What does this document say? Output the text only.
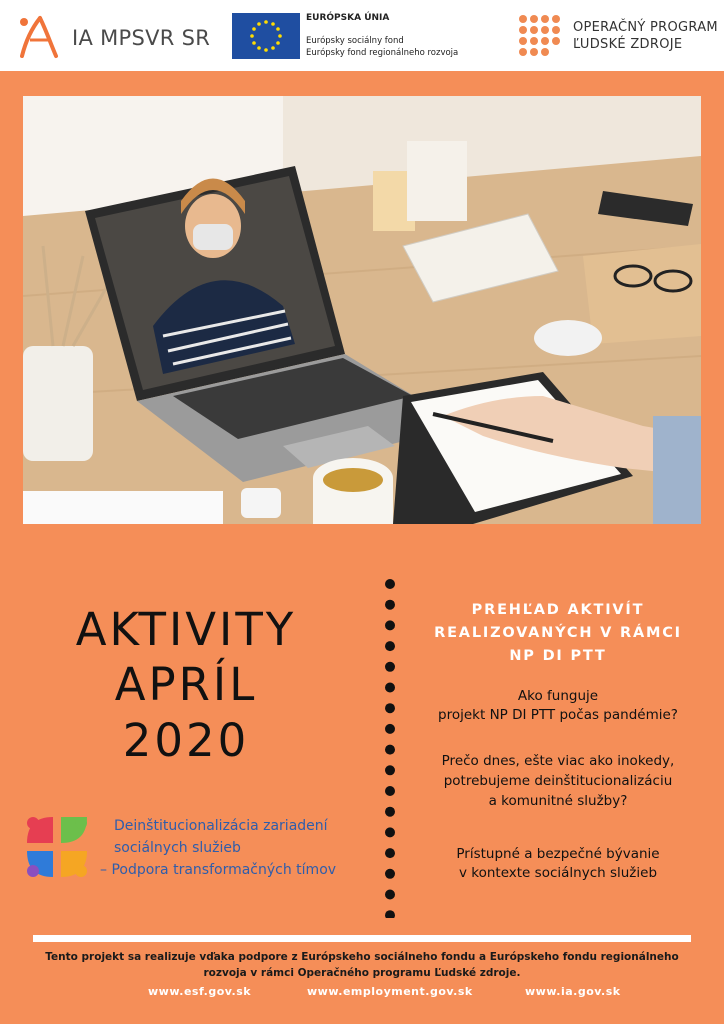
IA MPSVR SR
EURÓPSKA ÚNIA
Európsky sociálny fond
Európsky fond regionálneho rozvoja
OPERAČNÝ PROGRAM
ĽUDSKÉ ZDROJE
AKTIVITY
APRÍL
2020
Deinštitucionalizácia zariadení
sociálnych služieb
– Podpora transformačných tímov
PREHĽAD AKTIVÍT
REALIZOVANÝCH V RÁMCI
NP DI PTT
Ako funguje
projekt NP DI PTT počas pandémie?
Prečo dnes, ešte viac ako inokedy,
potrebujeme deinštitucionalizáciu
a komunitné služby?
Prístupné a bezpečné bývanie
v kontexte sociálnych služieb
Tento projekt sa realizuje vďaka podpore z Európskeho sociálneho fondu a Európskeho fondu regionálneho
rozvoja v rámci Operačného programu Ľudské zdroje.
www.esf.gov.sk	www.employment.gov.sk	www.ia.gov.sk
